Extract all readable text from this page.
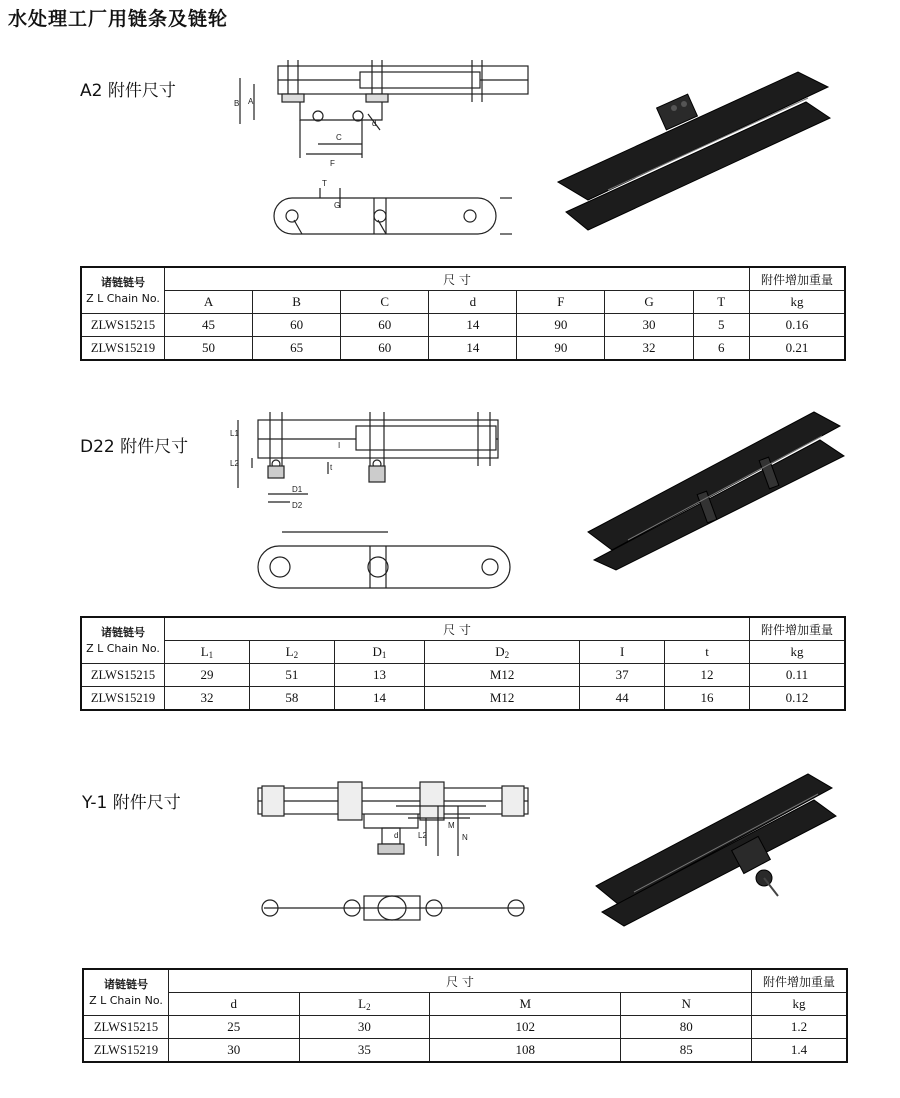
水处理工厂用链条及链轮
A2 附件尺寸
B A
C
F
d
T
G
诸链链号
Z L Chain No.	尺 寸							附件增加重量
	A	B	C	d	F	G	T	kg
ZLWS15215	45	60	60	14	90	30	5	0.16
ZLWS15219	50	65	60	14	90	32	6	0.21
D22 附件尺寸
L1
L2
D1
D2
t
I
诸链链号
Z L Chain No.	尺 寸						附件增加重量
	$L_1$	$L_2$	$D_1$	$D_2$	I	t	kg
ZLWS15215	29	51	13	M12	37	12	0.11
ZLWS15219	32	58	14	M12	44	16	0.12
Y-1 附件尺寸
d L2
M
N
诸链链号
Z L Chain No.	尺 寸				附件增加重量
	d	$L_2$	M	N	kg
ZLWS15215	25	30	102	80	1.2
ZLWS15219	30	35	108	85	1.4
